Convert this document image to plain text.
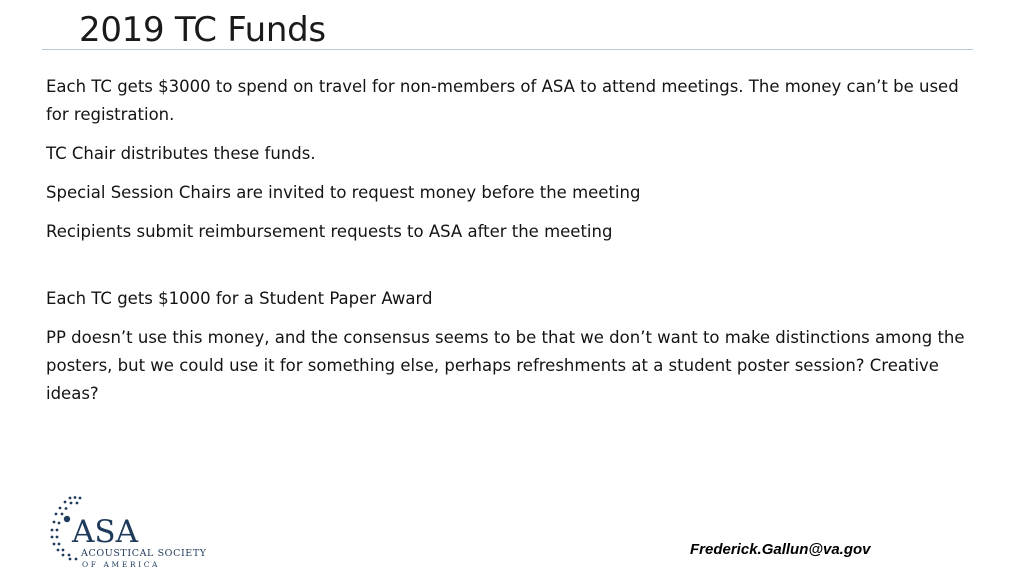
2019 TC Funds

Each TC gets $3000 to spend on travel for non-members of ASA to attend meetings. The money can’t be used for registration.

TC Chair distributes these funds.

Special Session Chairs are invited to request money before the meeting

Recipients submit reimbursement requests to ASA after the meeting

Each TC gets $1000 for a Student Paper Award

PP doesn’t use this money, and the consensus seems to be that we don’t want to make distinctions among the posters, but we could use it for something else, perhaps refreshments at a student poster session? Creative ideas?

ASA
ACOUSTICAL SOCIETY
OF AMERICA
Frederick.Gallun@va.gov
